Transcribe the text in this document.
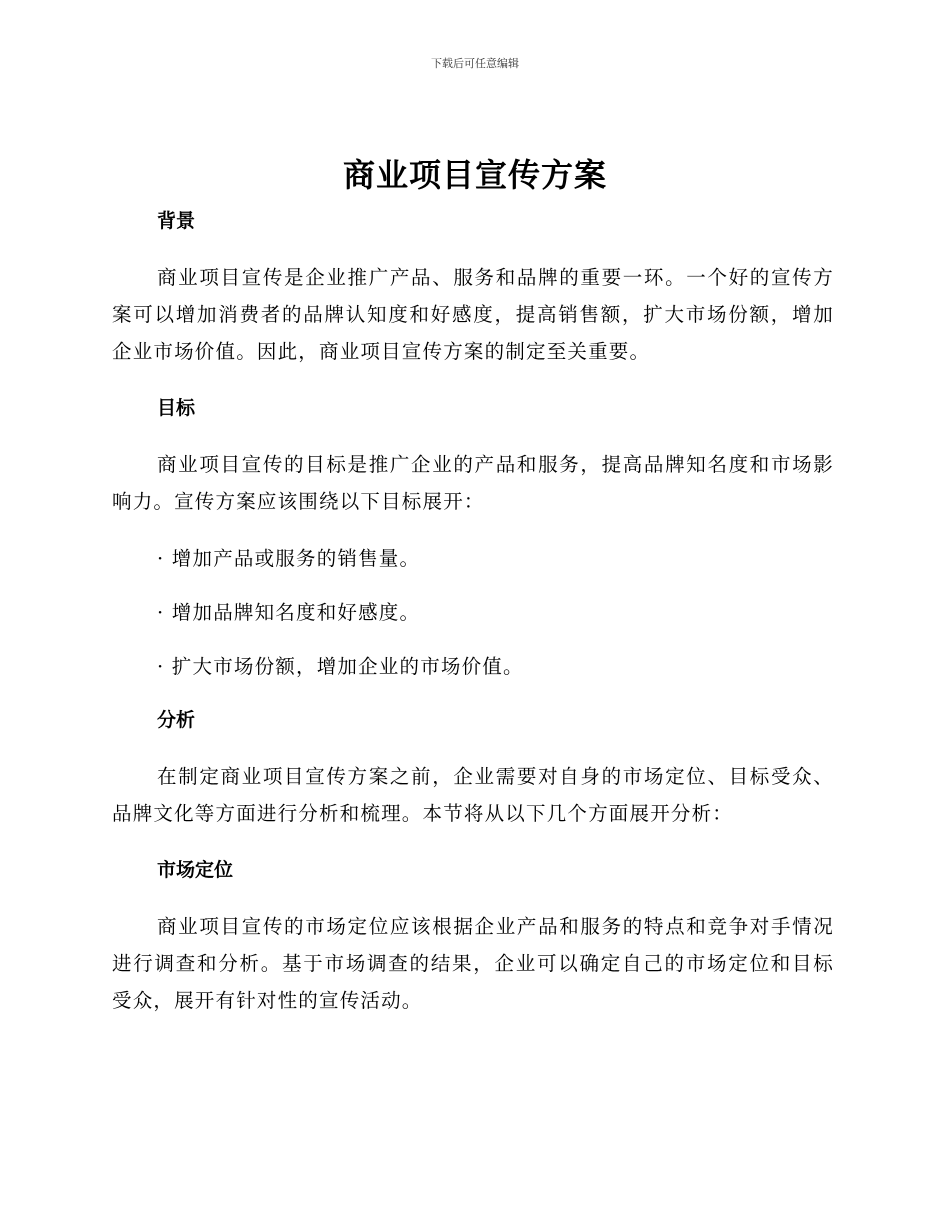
下载后可任意编辑
商业项目宣传方案
背景
商业项目宣传是企业推广产品、服务和品牌的重要一环。一个好的宣传方案可以增加消费者的品牌认知度和好感度，提高销售额，扩大市场份额，增加企业市场价值。因此，商业项目宣传方案的制定至关重要。
目标
商业项目宣传的目标是推广企业的产品和服务，提高品牌知名度和市场影响力。宣传方案应该围绕以下目标展开：
· 增加产品或服务的销售量。
· 增加品牌知名度和好感度。
· 扩大市场份额，增加企业的市场价值。
分析
在制定商业项目宣传方案之前，企业需要对自身的市场定位、目标受众、品牌文化等方面进行分析和梳理。本节将从以下几个方面展开分析：
市场定位
商业项目宣传的市场定位应该根据企业产品和服务的特点和竞争对手情况进行调查和分析。基于市场调查的结果，企业可以确定自己的市场定位和目标受众，展开有针对性的宣传活动。
